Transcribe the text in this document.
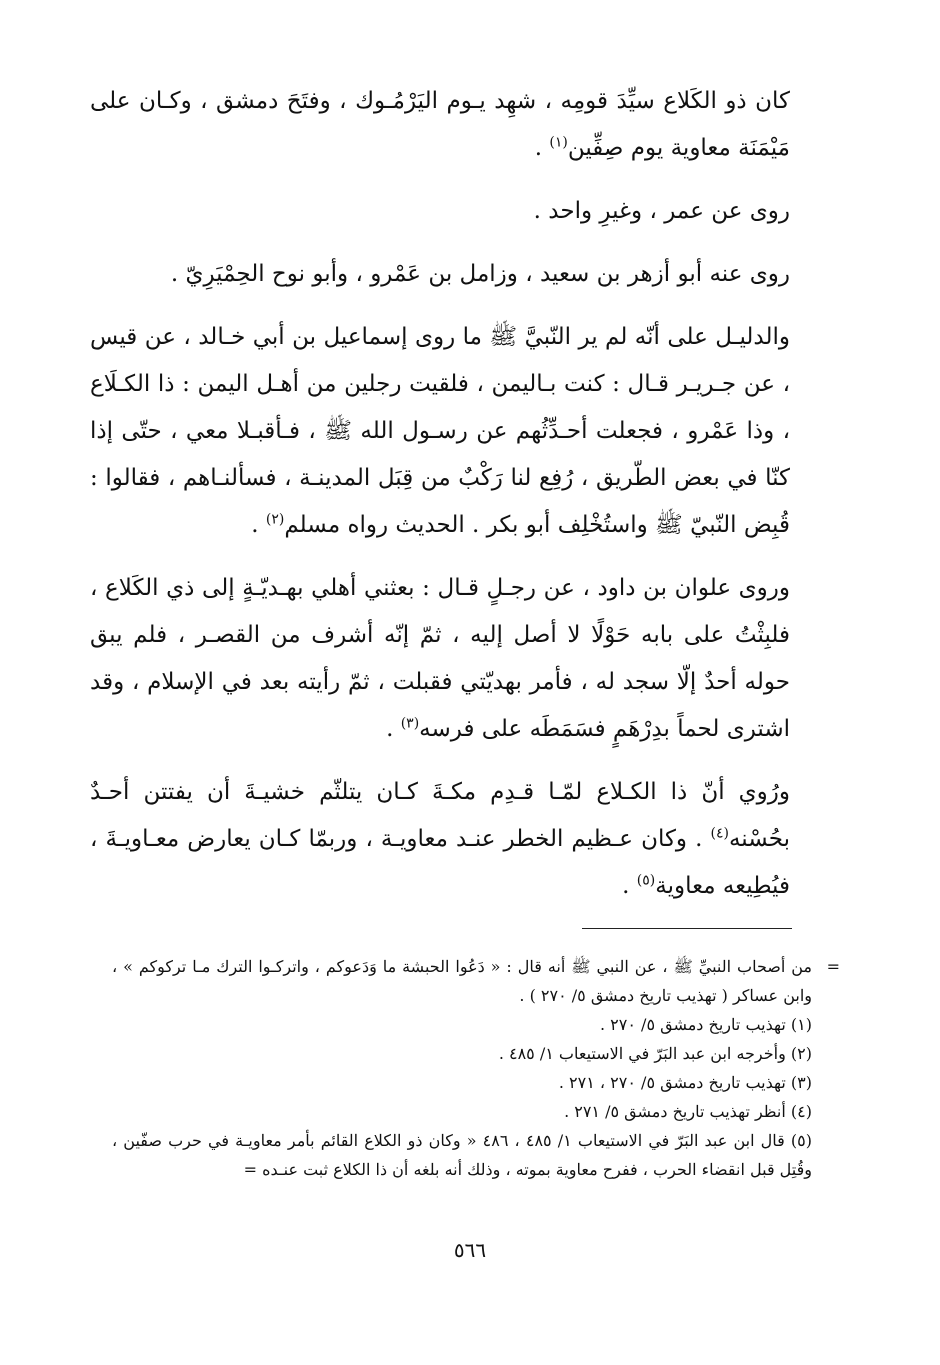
كان ذو الكَلاع سيِّدَ قومِه ، شهِد يـوم اليَرْمُـوك ، وفتَحَ دمشق ، وكـان على مَيْمَنَة معاوية يوم صِفِّين$^{(١)}$ .

روى عن عمر ، وغيرِ واحد .

روى عنه أبو أزهر بن سعيد ، وزامل بن عَمْرو ، وأبو نوح الحِمْيَرِيّ .

والدليـل على أنّه لم ير النّبيَّ ﷺ ما روى إسماعيل بن أبي خـالد ، عن قيس ، عن جـريـر قـال : كنت بـاليمن ، فلقيت رجلين من أهـل اليمن : ذا الكـلَاع ، وذا عَمْرو ، فجعلت أحـدِّثُهم عن رسـول الله ﷺ ، فـأقبـلا معي ، حتّى إذا كنّا في بعض الطّريق ، رُفِع لنا رَكْبٌ من قِبَل المدينـة ، فسألنـاهم ، فقالوا : قُبِض النّبيّ ﷺ واستُخْلِف أبو بكر . الحديث رواه مسلم$^{(٢)}$ .

وروى علوان بن داود ، عن رجـلٍ قـال : بعثني أهلي بهـديّـةٍ إلى ذي الكَلاع ، فلبِثْتُ على بابه حَوْلًا لا أصل إليه ، ثمّ إنّه أشرف من القصـر ، فلم يبق حوله أحدٌ إلّا سجد له ، فأمر بهديّتي فقبلت ، ثمّ رأيته بعد في الإسلام ، وقد اشترى لحماً بدِرْهَمٍ فسَمَطَه على فرسه$^{(٣)}$ .

ورُوي أنّ ذا الكـلاع لمّـا قـدِم مكـةَ كـان يتلثّم خشيـةَ أن يفتتن أحـدٌ بحُسْنه$^{(٤)}$ . وكان عـظيم الخطر عنـد معاويـة ، وربمّا كـان يعارض معـاويـةَ ، فيُطِيعه معاوية$^{(٥)}$ .

=
من أصحاب النبيِّ ﷺ ، عن النبي ﷺ أنه قال : « دَعُوا الحبشة ما وَدَعوكم ، واتركـوا الترك مـا تركوكم » ، وابن عساكر ( تهذيب تاريخ دمشق ٥/ ٢٧٠ ) .

(١) تهذيب تاريخ دمشق ٥/ ٢٧٠ .

(٢) وأخرجه ابن عبد البَرّ في الاستيعاب ١/ ٤٨٥ .

(٣) تهذيب تاريخ دمشق ٥/ ٢٧٠ ، ٢٧١ .

(٤) أنظر تهذيب تاريخ دمشق ٥/ ٢٧١ .

(٥) قال ابن عبد البَرّ في الاستيعاب ١/ ٤٨٥ ، ٤٨٦ « وكان ذو الكلاع القائم بأمر معاويـة في حرب صفّين ، وقُتِل قبل انقضاء الحرب ، ففرح معاوية بموته ، وذلك أنه بلغه أن ذا الكلاع ثبت عنـده =

٥٦٦
